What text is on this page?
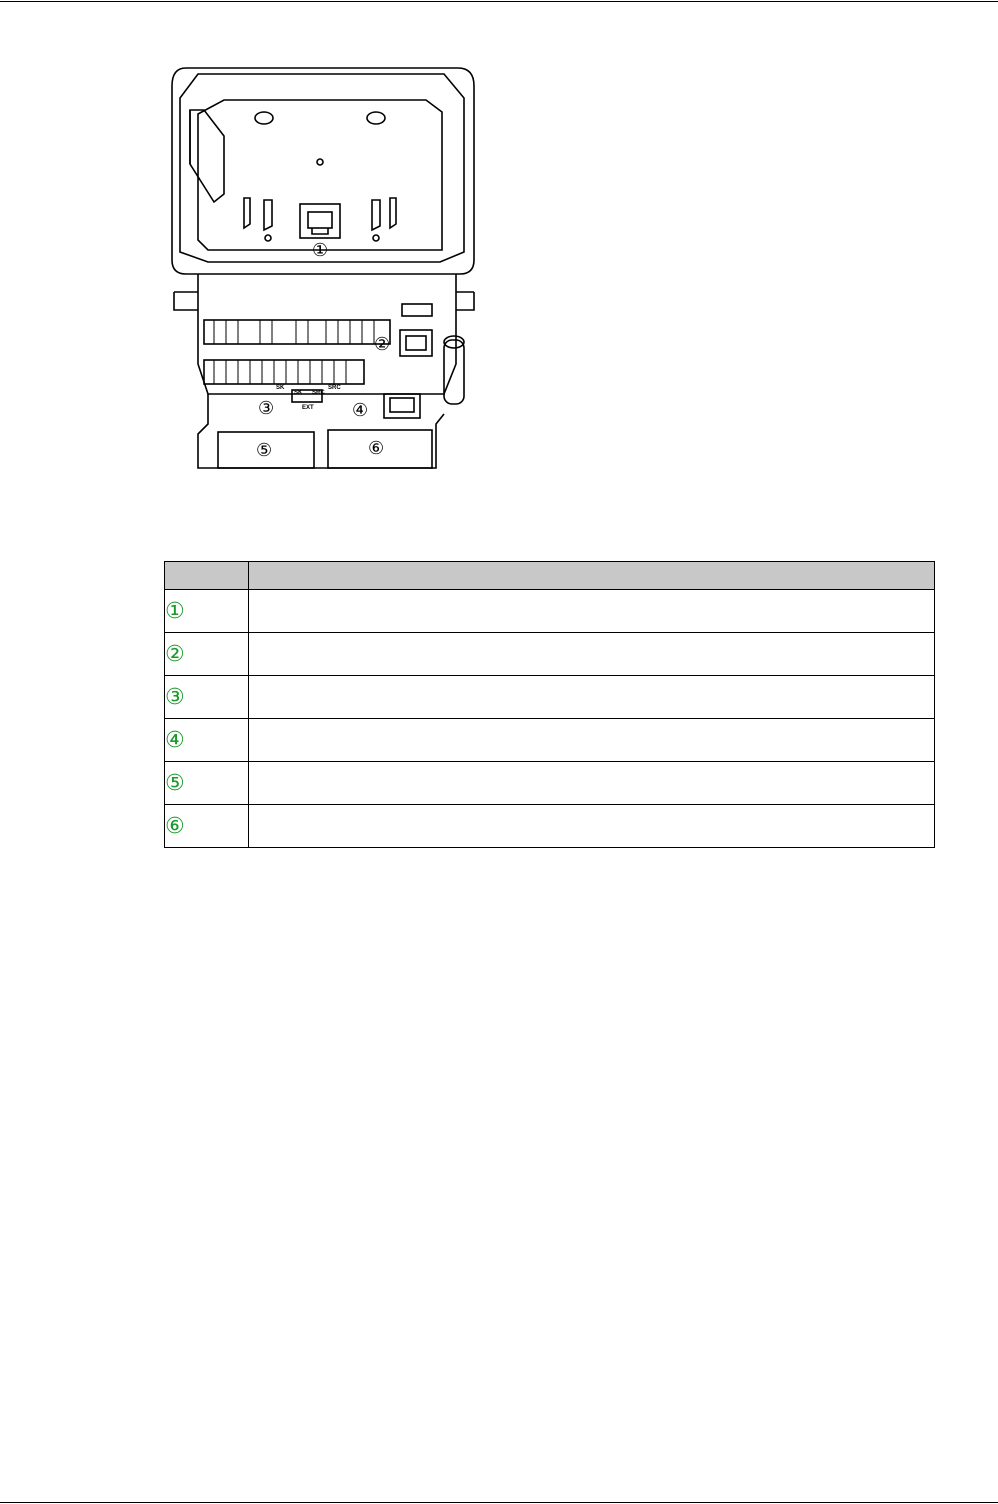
①
②
③	④
⑤	⑥
SK	SRC
SK SRC
EXT

①	
②	
③	
④	
⑤	
⑥	
